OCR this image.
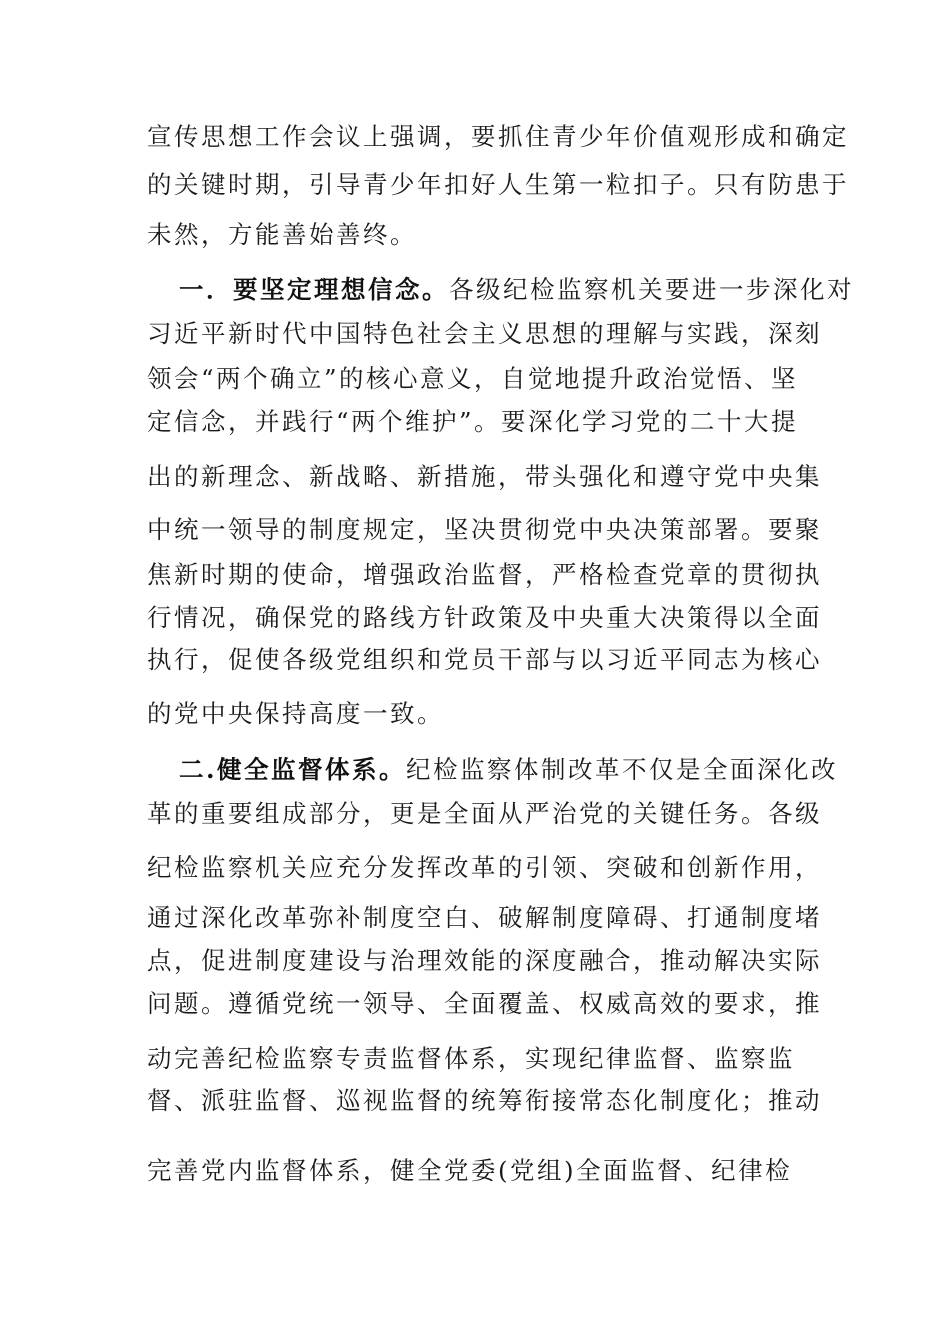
宣传思想工作会议上强调，要抓住青少年价值观形成和确定
的关键时期，引导青少年扣好人生第一粒扣子。只有防患于
未然，方能善始善终。
一．要坚定理想信念。各级纪检监察机关要进一步深化对
习近平新时代中国特色社会主义思想的理解与实践，深刻
领会“两个确立”的核心意义，自觉地提升政治觉悟、坚
定信念，并践行“两个维护”。要深化学习党的二十大提
出的新理念、新战略、新措施，带头强化和遵守党中央集
中统一领导的制度规定，坚决贯彻党中央决策部署。要聚
焦新时期的使命，增强政治监督，严格检查党章的贯彻执
行情况，确保党的路线方针政策及中央重大决策得以全面
执行，促使各级党组织和党员干部与以习近平同志为核心
的党中央保持高度一致。
二.健全监督体系。纪检监察体制改革不仅是全面深化改
革的重要组成部分，更是全面从严治党的关键任务。各级
纪检监察机关应充分发挥改革的引领、突破和创新作用，
通过深化改革弥补制度空白、破解制度障碍、打通制度堵
点，促进制度建设与治理效能的深度融合，推动解决实际
问题。遵循党统一领导、全面覆盖、权威高效的要求，推
动完善纪检监察专责监督体系，实现纪律监督、监察监
督、派驻监督、巡视监督的统筹衔接常态化制度化；推动
完善党内监督体系，健全党委(党组)全面监督、纪律检
